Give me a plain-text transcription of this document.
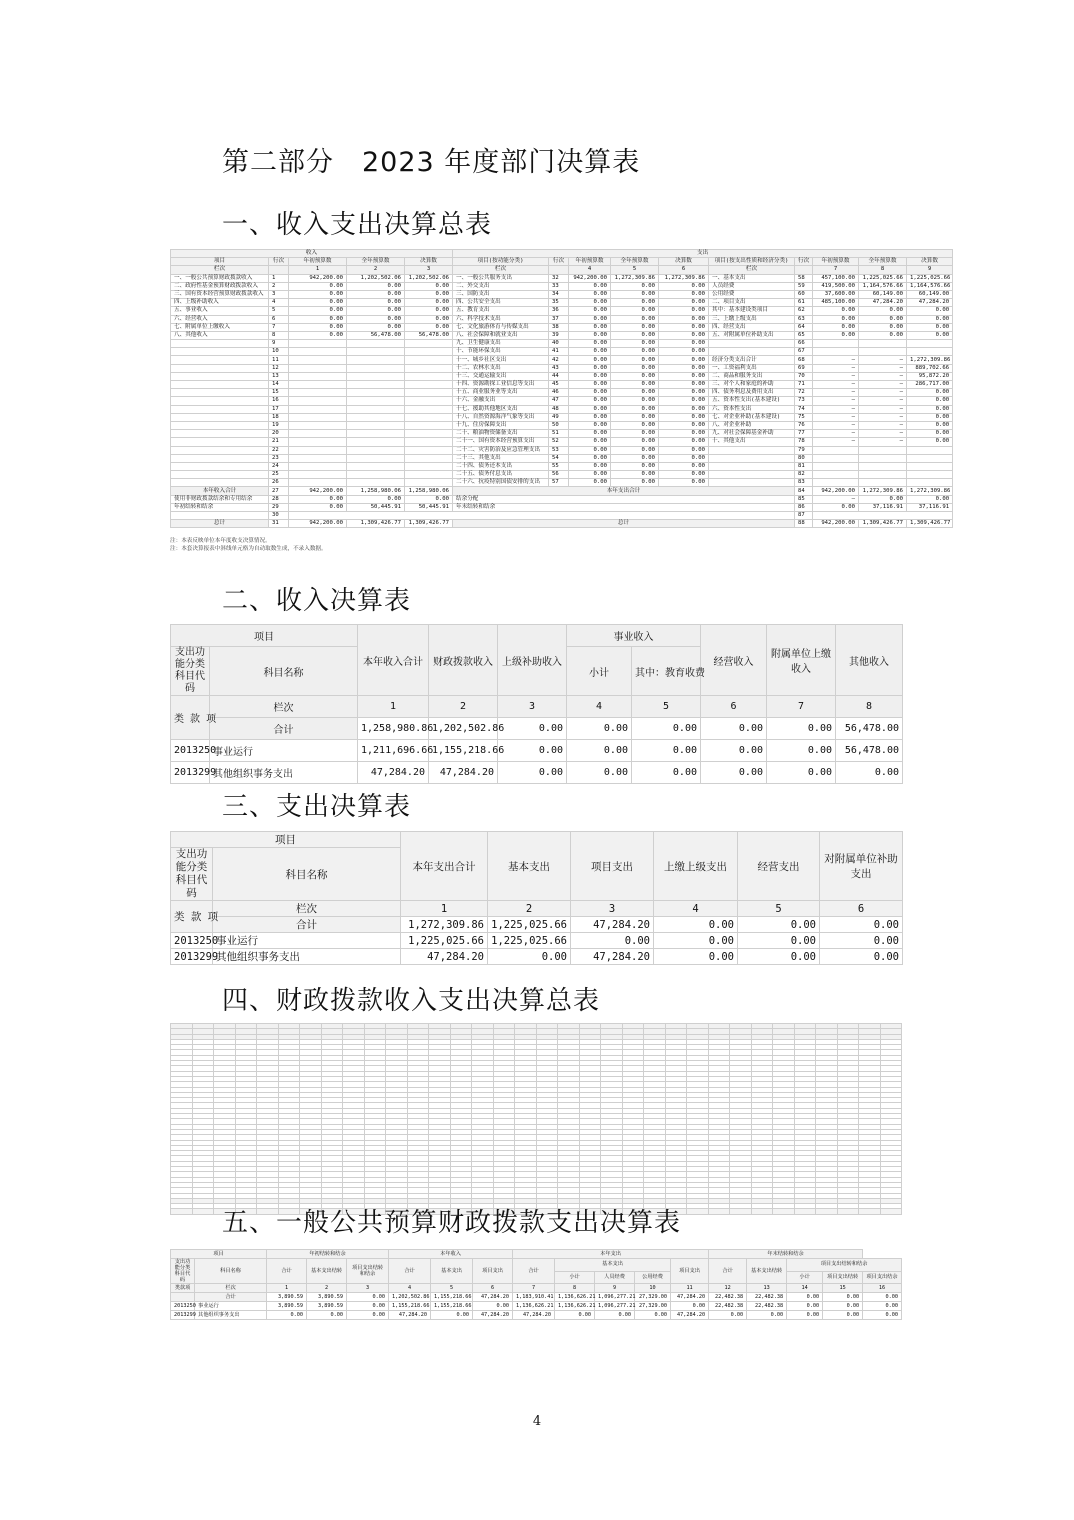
第二部分　2023 年度部门决算表
一、收入支出决算总表
收入					支出									
项目	行次	年初预算数	全年预算数	决算数	项目(按功能分类)	行次	年初预算数	全年预算数	决算数	项目(按支出性质和经济分类)	行次	年初预算数	全年预算数	决算数
栏次		1	2	3	栏次		4	5	6	栏次		7	8	9
一、一般公共预算财政拨款收入	1	942,200.00	1,202,502.06	1,202,502.06	一、一般公共服务支出	32	942,200.00	1,272,309.86	1,272,309.86	一、基本支出	58	457,100.00	1,225,025.66	1,225,025.66
二、政府性基金预算财政拨款收入	2	0.00	0.00	0.00	二、外交支出	33	0.00	0.00	0.00	人员经费	59	419,500.00	1,164,576.66	1,164,576.66
三、国有资本经营预算财政拨款收入	3	0.00	0.00	0.00	三、国防支出	34	0.00	0.00	0.00	公用经费	60	37,600.00	60,149.00	60,149.00
四、上级补助收入	4	0.00	0.00	0.00	四、公共安全支出	35	0.00	0.00	0.00	二、项目支出	61	485,100.00	47,284.20	47,284.20
五、事业收入	5	0.00	0.00	0.00	五、教育支出	36	0.00	0.00	0.00	其中：基本建设类项目	62	0.00	0.00	0.00
六、经营收入	6	0.00	0.00	0.00	六、科学技术支出	37	0.00	0.00	0.00	三、上缴上级支出	63	0.00	0.00	0.00
七、附属单位上缴收入	7	0.00	0.00	0.00	七、文化旅游体育与传媒支出	38	0.00	0.00	0.00	四、经营支出	64	0.00	0.00	0.00
八、其他收入	8	0.00	56,478.00	56,478.00	八、社会保障和就业支出	39	0.00	0.00	0.00	五、对附属单位补助支出	65	0.00	0.00	0.00
	9				九、卫生健康支出	40	0.00	0.00	0.00		66			
	10				十、节能环保支出	41	0.00	0.00	0.00		67			
	11				十一、城乡社区支出	42	0.00	0.00	0.00	经济分类支出合计	68	—	—	1,272,309.86
	12				十二、农林水支出	43	0.00	0.00	0.00	一、工资福利支出	69	—	—	889,702.66
	13				十三、交通运输支出	44	0.00	0.00	0.00	二、商品和服务支出	70	—	—	95,872.20
	14				十四、资源勘探工业信息等支出	45	0.00	0.00	0.00	三、对个人和家庭的补助	71	—	—	286,717.00
	15				十五、商业服务业等支出	46	0.00	0.00	0.00	四、债务利息及费用支出	72	—	—	0.00
	16				十六、金融支出	47	0.00	0.00	0.00	五、资本性支出(基本建设)	73	—	—	0.00
	17				十七、援助其他地区支出	48	0.00	0.00	0.00	六、资本性支出	74	—	—	0.00
	18				十八、自然资源海洋气象等支出	49	0.00	0.00	0.00	七、对企业补助(基本建设)	75	—	—	0.00
	19				十九、住房保障支出	50	0.00	0.00	0.00	八、对企业补助	76	—	—	0.00
	20				二十、粮油物资储备支出	51	0.00	0.00	0.00	九、对社会保障基金补助	77	—	—	0.00
	21				二十一、国有资本经营预算支出	52	0.00	0.00	0.00	十、其他支出	78	—	—	0.00
	22				二十二、灾害防治及应急管理支出	53	0.00	0.00	0.00		79			
	23				二十三、其他支出	54	0.00	0.00	0.00		80			
	24				二十四、债务还本支出	55	0.00	0.00	0.00		81			
	25				二十五、债务付息支出	56	0.00	0.00	0.00		82			
	26				二十六、抗疫特别国债安排的支出	57	0.00	0.00	0.00		83			
本年收入合计	27	942,200.00	1,258,980.06	1,258,980.06	本年支出合计						84	942,200.00	1,272,309.86	1,272,309.86
使用非财政拨款结余和专用结余	28	0.00	0.00	0.00	结余分配						85	—	0.00	0.00
年初结转和结余	29	0.00	50,445.91	50,445.91	年末结转和结余						86	0.00	37,116.91	37,116.91
	30										87			
总计	31	942,200.00	1,309,426.77	1,309,426.77	总计						88	942,200.00	1,309,426.77	1,309,426.77
注：本表反映单位本年度收支决算情况。
注：本套决算报表中斜线单元格为自动取数生成，不录入数据。
二、收入决算表
项目		本年收入合计	财政拨款收入	上级补助收入	事业收入		经营收入	附属单位上缴收入	其他收入
支出功能分类科目代码	科目名称				小计	其中：教育收费			

类 款 项	栏次	1	2	3	4	5	6	7	8
	合计	1,258,980.86	1,202,502.86	0.00	0.00	0.00	0.00	0.00	56,478.00
2013250	事业运行	1,211,696.66	1,155,218.66	0.00	0.00	0.00	0.00	0.00	56,478.00
2013299	其他组织事务支出	47,284.20	47,284.20	0.00	0.00	0.00	0.00	0.00	0.00
三、支出决算表
项目		本年支出合计	基本支出	项目支出	上缴上级支出	经营支出	对附属单位补助支出
支出功能分类科目代码	科目名称						

类 款 项	栏次	1	2	3	4	5	6
	合计	1,272,309.86	1,225,025.66	47,284.20	0.00	0.00	0.00
2013250	事业运行	1,225,025.66	1,225,025.66	0.00	0.00	0.00	0.00
2013299	其他组织事务支出	47,284.20	0.00	47,284.20	0.00	0.00	0.00
四、财政拨款收入支出决算总表

五、一般公共预算财政拨款支出决算表
项目		年初结转和结余			本年收入			本年支出					年末结转和结余				
支出功能分类科目代码	科目名称	合计	基本支出结转	项目支出结转和结余	合计	基本支出	项目支出	合计	基本支出			项目支出	合计	基本支出结转	项目支出结转和结余		
									小计	人员经费	公用经费				小计	项目支出结转	项目支出结余
类款项	栏次	1	2	3	4	5	6	7	8	9	10	11	12	13	14	15	16
	合计	3,890.59	3,890.59	0.00	1,202,502.86	1,155,218.66	47,284.20	1,183,910.41	1,136,626.21	1,096,277.21	27,329.00	47,284.20	22,482.38	22,482.38	0.00	0.00	0.00
2013250	事业运行	3,890.59	3,890.59	0.00	1,155,218.66	1,155,218.66	0.00	1,136,626.21	1,136,626.21	1,096,277.21	27,329.00	0.00	22,482.38	22,482.38	0.00	0.00	0.00
2013299	其他组织事务支出	0.00	0.00	0.00	47,284.20	0.00	47,284.20	47,284.20	0.00	0.00	0.00	47,284.20	0.00	0.00	0.00	0.00	0.00
4
